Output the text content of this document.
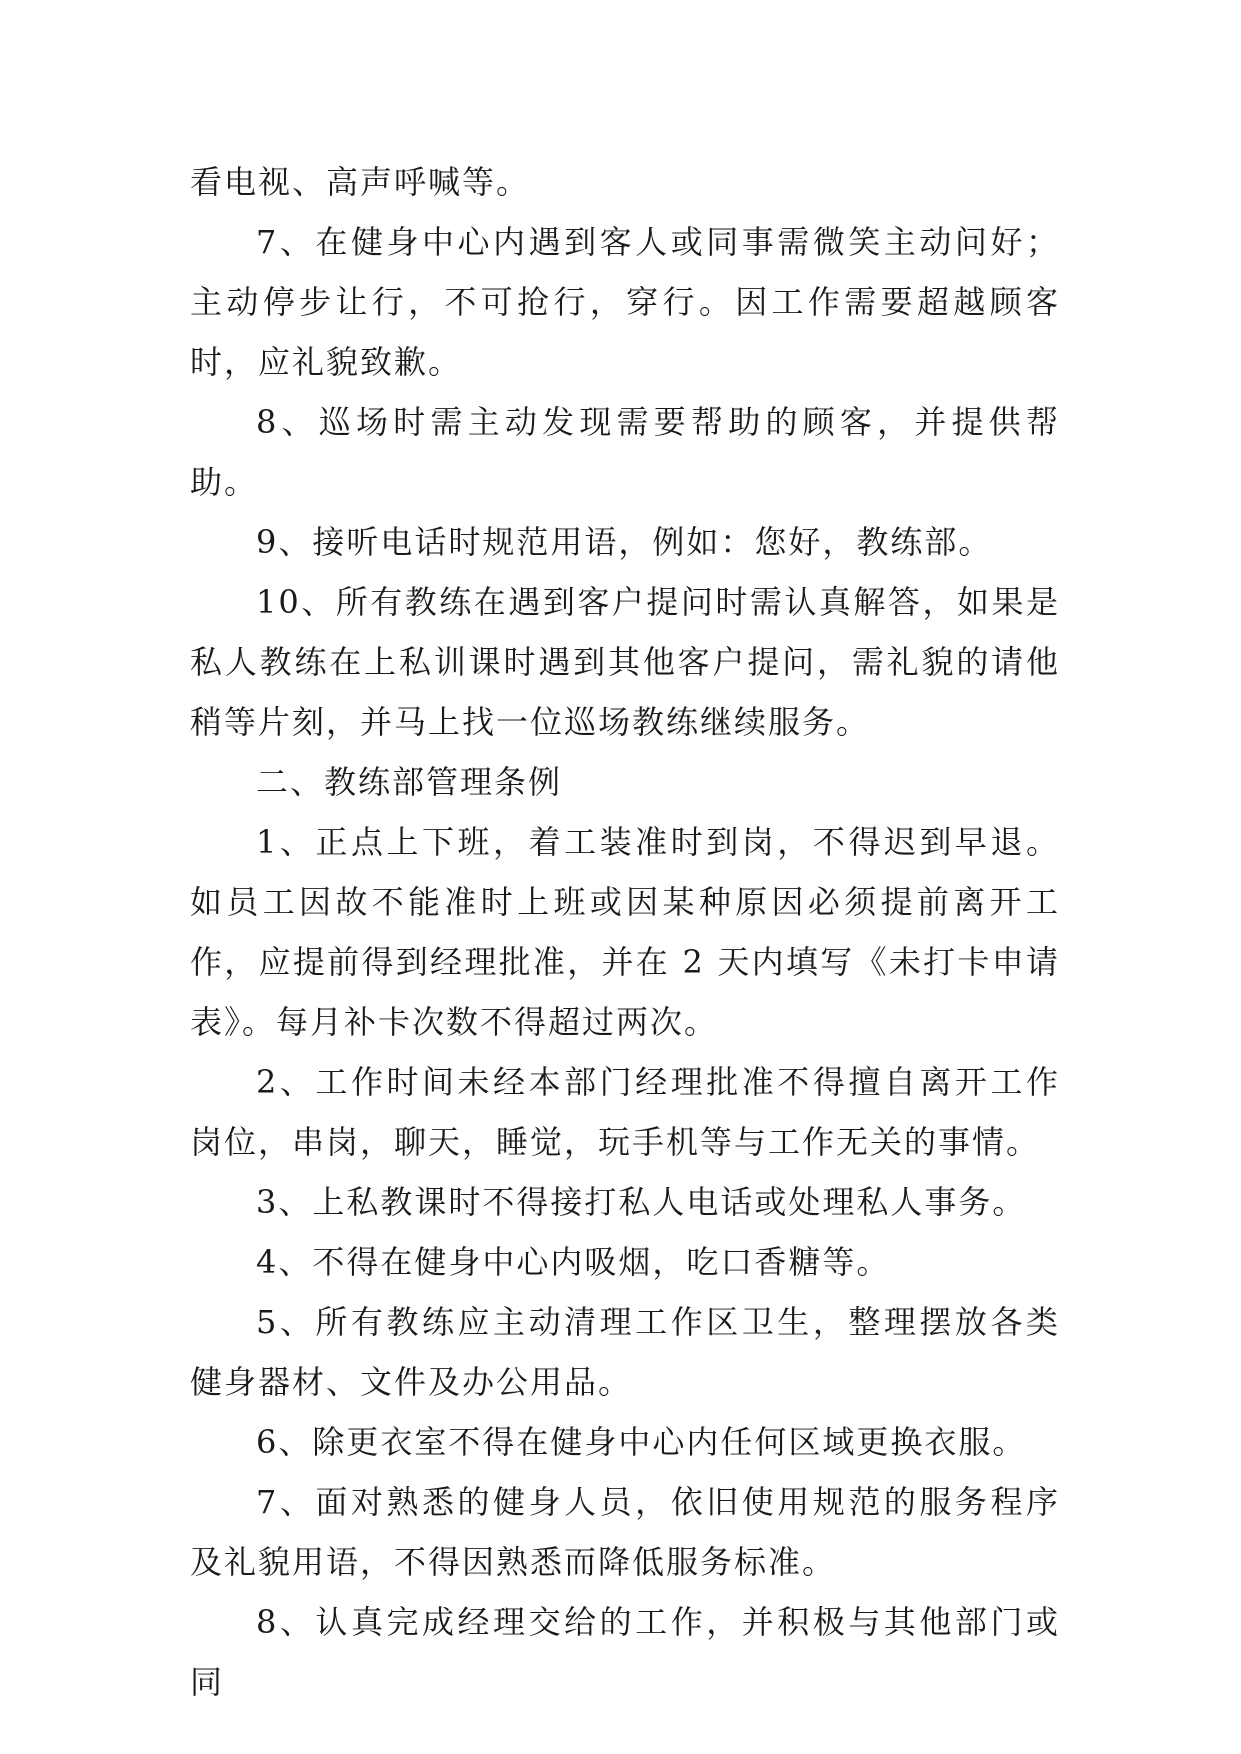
看电视、高声呼喊等。

7、在健身中心内遇到客人或同事需微笑主动问好；主动停步让行，不可抢行，穿行。因工作需要超越顾客时，应礼貌致歉。

8、巡场时需主动发现需要帮助的顾客，并提供帮助。

9、接听电话时规范用语，例如：您好，教练部。

10、所有教练在遇到客户提问时需认真解答，如果是私人教练在上私训课时遇到其他客户提问，需礼貌的请他稍等片刻，并马上找一位巡场教练继续服务。

二、教练部管理条例

1、正点上下班，着工装准时到岗，不得迟到早退。如员工因故不能准时上班或因某种原因必须提前离开工作，应提前得到经理批准，并在 2 天内填写《未打卡申请表》。每月补卡次数不得超过两次。

2、工作时间未经本部门经理批准不得擅自离开工作岗位，串岗，聊天，睡觉，玩手机等与工作无关的事情。

3、上私教课时不得接打私人电话或处理私人事务。

4、不得在健身中心内吸烟，吃口香糖等。

5、所有教练应主动清理工作区卫生，整理摆放各类健身器材、文件及办公用品。

6、除更衣室不得在健身中心内任何区域更换衣服。

7、面对熟悉的健身人员，依旧使用规范的服务程序及礼貌用语，不得因熟悉而降低服务标准。

8、认真完成经理交给的工作，并积极与其他部门或同
